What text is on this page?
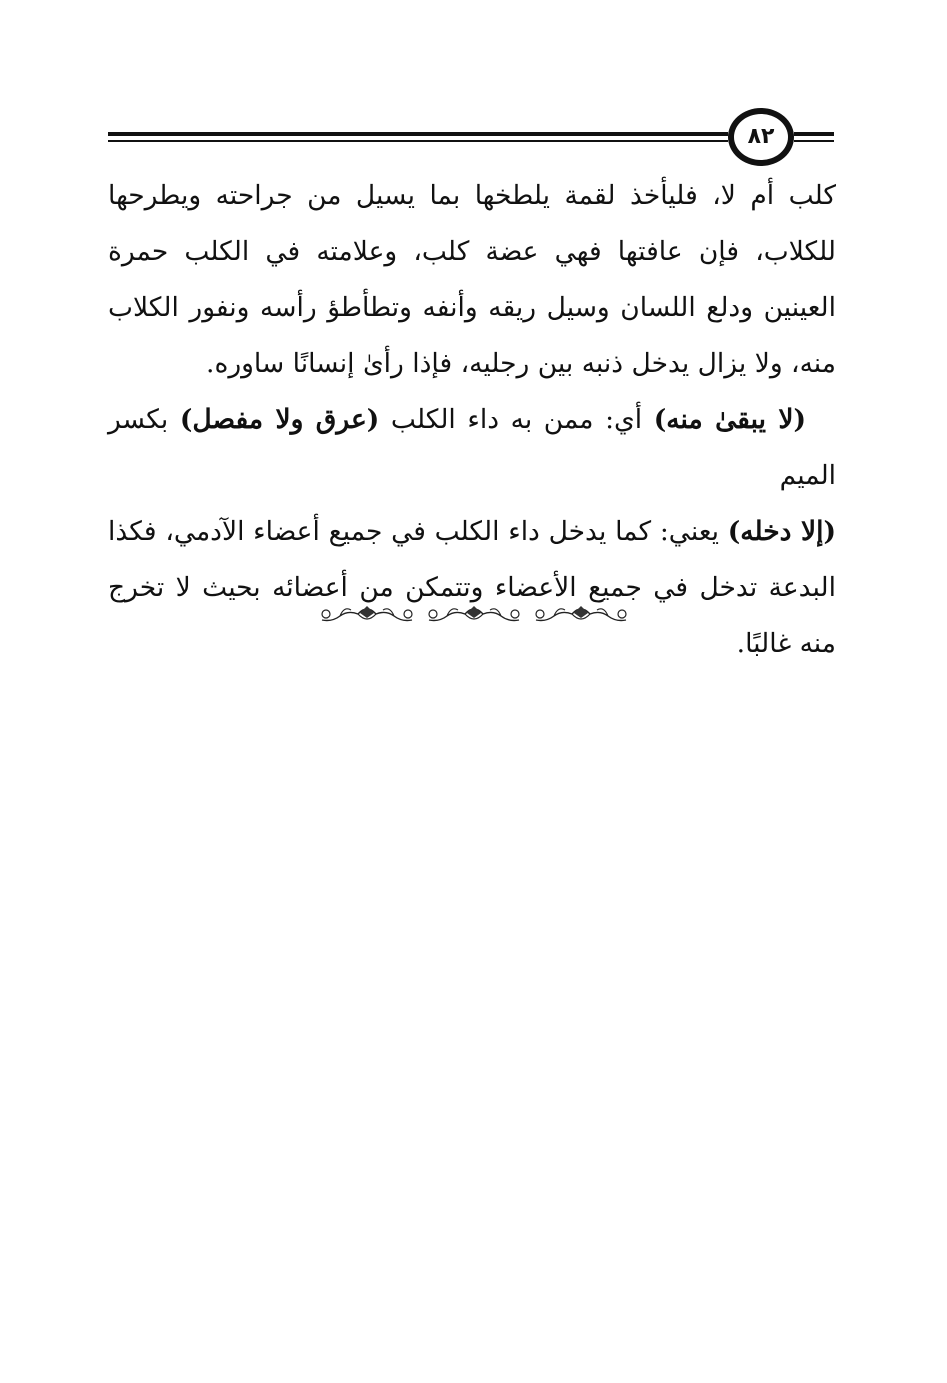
٨٢

كلب أم لا، فليأخذ لقمة يلطخها بما يسيل من جراحته ويطرحها للكلاب، فإن عافتها فهي عضة كلب، وعلامته في الكلب حمرة العينين ودلع اللسان وسيل ريقه وأنفه وتطأطؤ رأسه ونفور الكلاب منه، ولا يزال يدخل ذنبه بين رجليه، فإذا رأىٰ إنسانًا ساوره.

(لا يبقىٰ منه) أي: ممن به داء الكلب (عرق ولا مفصل) بكسر الميم
(إلا دخله) يعني: كما يدخل داء الكلب في جميع أعضاء الآدمي، فكذا البدعة تدخل في جميع الأعضاء وتتمكن من أعضائه بحيث لا تخرج منه غالبًا.
